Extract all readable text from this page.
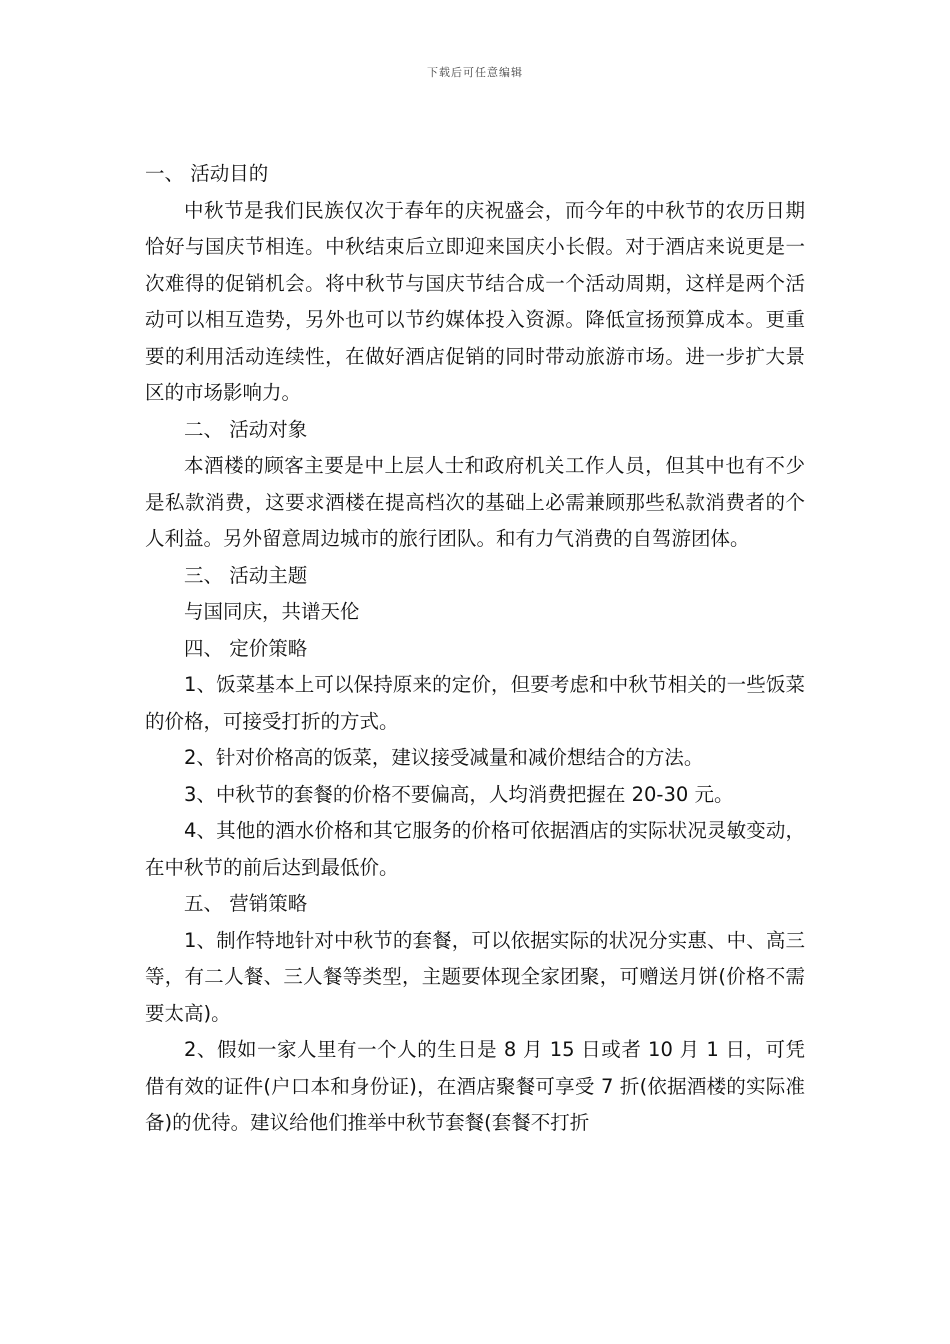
下载后可任意编辑

一、 活动目的

中秋节是我们民族仅次于春年的庆祝盛会，而今年的中秋节的农历日期恰好与国庆节相连。中秋结束后立即迎来国庆小长假。对于酒店来说更是一次难得的促销机会。将中秋节与国庆节结合成一个活动周期，这样是两个活动可以相互造势，另外也可以节约媒体投入资源。降低宣扬预算成本。更重要的利用活动连续性，在做好酒店促销的同时带动旅游市场。进一步扩大景区的市场影响力。

二、 活动对象

本酒楼的顾客主要是中上层人士和政府机关工作人员，但其中也有不少是私款消费，这要求酒楼在提高档次的基础上必需兼顾那些私款消费者的个人利益。另外留意周边城市的旅行团队。和有力气消费的自驾游团体。

三、 活动主题

与国同庆，共谱天伦

四、 定价策略

1、饭菜基本上可以保持原来的定价，但要考虑和中秋节相关的一些饭菜的价格，可接受打折的方式。

2、针对价格高的饭菜，建议接受减量和减价想结合的方法。

3、中秋节的套餐的价格不要偏高，人均消费把握在 20-30 元。

4、其他的酒水价格和其它服务的价格可依据酒店的实际状况灵敏变动，在中秋节的前后达到最低价。

五、 营销策略

1、制作特地针对中秋节的套餐，可以依据实际的状况分实惠、中、高三等，有二人餐、三人餐等类型，主题要体现全家团聚，可赠送月饼(价格不需要太高)。

2、假如一家人里有一个人的生日是 8 月 15 日或者 10 月 1 日，可凭借有效的证件(户口本和身份证)，在酒店聚餐可享受 7 折(依据酒楼的实际准备)的优待。建议给他们推举中秋节套餐(套餐不打折
